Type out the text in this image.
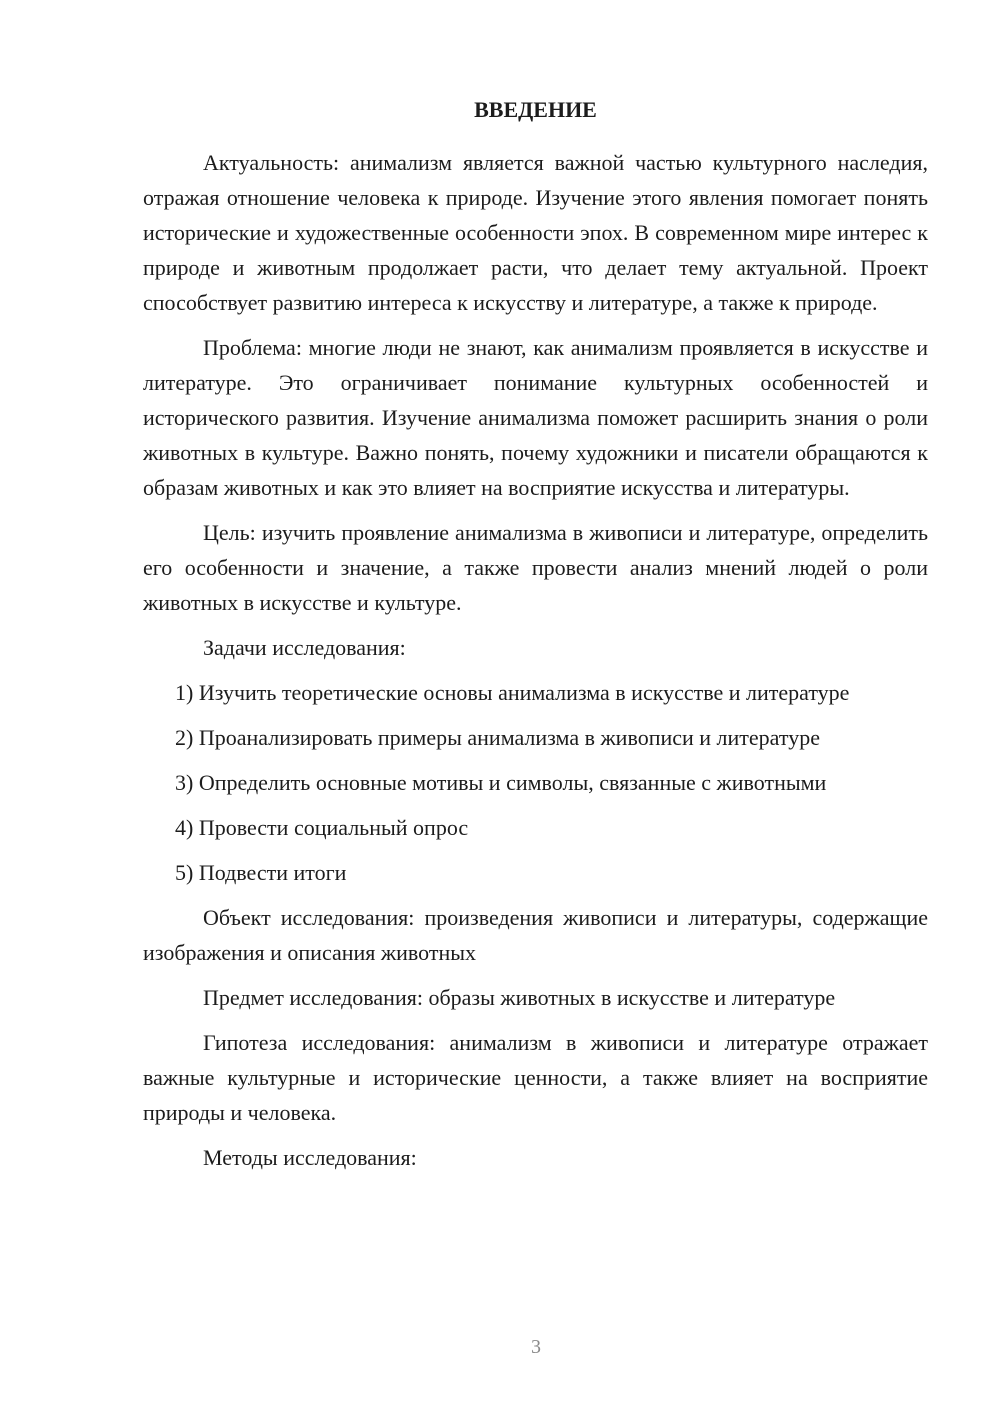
ВВЕДЕНИЕ

Актуальность: анимализм является важной частью культурного наследия, отражая отношение человека к природе. Изучение этого явления помогает понять исторические и художественные особенности эпох. В современном мире интерес к природе и животным продолжает расти, что делает тему актуальной. Проект способствует развитию интереса к искусству и литературе, а также к природе.

Проблема: многие люди не знают, как анимализм проявляется в искусстве и литературе. Это ограничивает понимание культурных особенностей и исторического развития. Изучение анимализма поможет расширить знания о роли животных в культуре. Важно понять, почему художники и писатели обращаются к образам животных и как это влияет на восприятие искусства и литературы.

Цель: изучить проявление анимализма в живописи и литературе, определить его особенности и значение, а также провести анализ мнений людей о роли животных в искусстве и культуре.

Задачи исследования:

1) Изучить теоретические основы анимализма в искусстве и литературе

2) Проанализировать примеры анимализма в живописи и литературе

3) Определить основные мотивы и символы, связанные с животными

4) Провести социальный опрос

5) Подвести итоги

Объект исследования: произведения живописи и литературы, содержащие изображения и описания животных

Предмет исследования: образы животных в искусстве и литературе

Гипотеза исследования: анимализм в живописи и литературе отражает важные культурные и исторические ценности, а также влияет на восприятие природы и человека.

Методы исследования:

3
